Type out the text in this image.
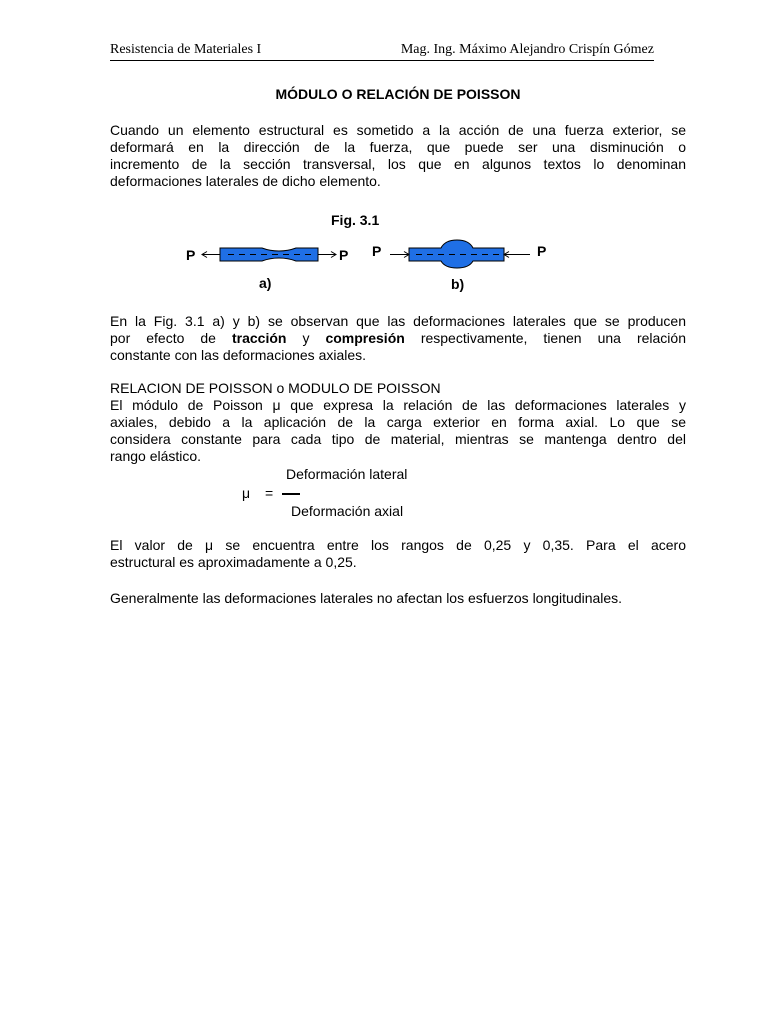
Resistencia de Materiales I	Mag. Ing. Máximo Alejandro Crispín Gómez
MÓDULO O RELACIÓN DE POISSON
Cuando un elemento estructural es sometido a la acción de una fuerza exterior, se
deformará en la dirección de la fuerza, que puede ser una disminución o
incremento de la sección transversal, los que en algunos textos lo denominan
deformaciones laterales de dicho elemento.
Fig. 3.1
P	P P	P
a)	b)
En la Fig. 3.1 a) y b) se observan que las deformaciones laterales que se producen
por efecto de tracción y compresión respectivamente, tienen una relación
constante con las deformaciones axiales.
RELACION DE POISSON o MODULO DE POISSON
El módulo de Poisson μ que expresa la relación de las deformaciones laterales y
axiales, debido a la aplicación de la carga exterior en forma axial. Lo que se
considera constante para cada tipo de material, mientras se mantenga dentro del
rango elástico.
Deformación lateral
μ =
Deformación axial
El valor de μ se encuentra entre los rangos de 0,25 y 0,35. Para el acero
estructural es aproximadamente a 0,25.
Generalmente las deformaciones laterales no afectan los esfuerzos longitudinales.
